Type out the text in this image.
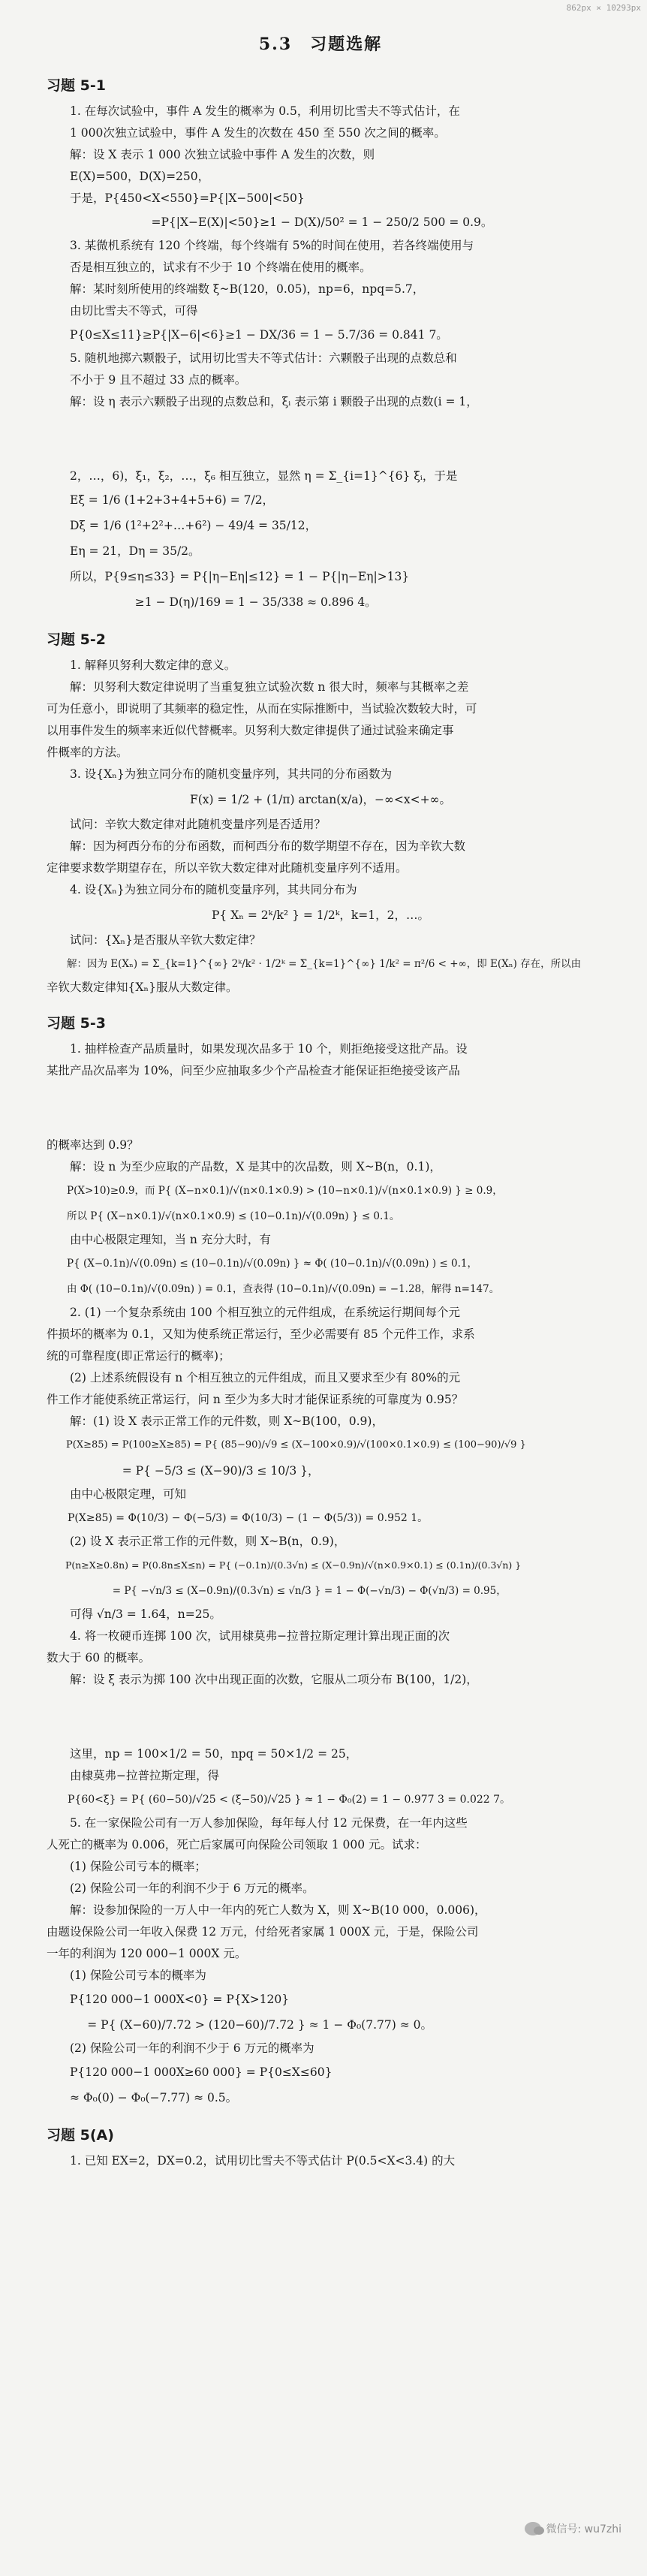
862px × 10293px
5.3　习题选解
习题 5-1

1. 在每次试验中，事件 A 发生的概率为 0.5，利用切比雪夫不等式估计，在

1 000次独立试验中，事件 A 发生的次数在 450 至 550 次之间的概率。

解：设 X 表示 1 000 次独立试验中事件 A 发生的次数，则

E(X)=500，D(X)=250，

于是，P{450<X<550}=P{|X−500|<50}

=P{|X−E(X)|<50}≥1 − D(X)/50² = 1 − 250/2 500 = 0.9。

3. 某微机系统有 120 个终端，每个终端有 5%的时间在使用，若各终端使用与

否是相互独立的，试求有不少于 10 个终端在使用的概率。

解：某时刻所使用的终端数 ξ~B(120，0.05)，np=6，npq=5.7，

由切比雪夫不等式，可得

P{0≤X≤11}≥P{|X−6|<6}≥1 − DX/36 = 1 − 5.7/36 = 0.841 7。

5. 随机地掷六颗骰子，试用切比雪夫不等式估计：六颗骰子出现的点数总和

不小于 9 且不超过 33 点的概率。

解：设 η 表示六颗骰子出现的点数总和，ξᵢ 表示第 i 颗骰子出现的点数(i = 1，

2，…，6)，ξ₁，ξ₂，…，ξ₆ 相互独立，显然 η = Σ_{i=1}^{6} ξᵢ，于是

Eξ = 1/6 (1+2+3+4+5+6) = 7/2，

Dξ = 1/6 (1²+2²+…+6²) − 49/4 = 35/12，

Eη = 21，Dη = 35/2。

所以，P{9≤η≤33} = P{|η−Eη|≤12} = 1 − P{|η−Eη|>13}

≥1 − D(η)/169 = 1 − 35/338 ≈ 0.896 4。

习题 5-2

1. 解释贝努利大数定律的意义。

解：贝努利大数定律说明了当重复独立试验次数 n 很大时，频率与其概率之差

可为任意小，即说明了其频率的稳定性，从而在实际推断中，当试验次数较大时，可

以用事件发生的频率来近似代替概率。贝努利大数定律提供了通过试验来确定事

件概率的方法。

3. 设{Xₙ}为独立同分布的随机变量序列，其共同的分布函数为

F(x) = 1/2 + (1/π) arctan(x/a)，−∞<x<+∞。

试问：辛钦大数定律对此随机变量序列是否适用？

解：因为柯西分布的分布函数，而柯西分布的数学期望不存在，因为辛钦大数

定律要求数学期望存在，所以辛钦大数定律对此随机变量序列不适用。

4. 设{Xₙ}为独立同分布的随机变量序列，其共同分布为

P{ Xₙ = 2ᵏ/k² } = 1/2ᵏ，k=1，2，…。

试问：{Xₙ}是否服从辛钦大数定律？

解：因为 E(Xₙ) = Σ_{k=1}^{∞} 2ᵏ/k² · 1/2ᵏ = Σ_{k=1}^{∞} 1/k² = π²/6 < +∞，即 E(Xₙ) 存在，所以由

辛钦大数定律知{Xₙ}服从大数定律。

习题 5-3

1. 抽样检查产品质量时，如果发现次品多于 10 个，则拒绝接受这批产品。设

某批产品次品率为 10%，问至少应抽取多少个产品检查才能保证拒绝接受该产品

的概率达到 0.9？

解：设 n 为至少应取的产品数，X 是其中的次品数，则 X~B(n，0.1)，

P(X>10)≥0.9，而 P{ (X−n×0.1)/√(n×0.1×0.9) > (10−n×0.1)/√(n×0.1×0.9) } ≥ 0.9，

所以 P{ (X−n×0.1)/√(n×0.1×0.9) ≤ (10−0.1n)/√(0.09n) } ≤ 0.1。

由中心极限定理知，当 n 充分大时，有

P{ (X−0.1n)/√(0.09n) ≤ (10−0.1n)/√(0.09n) } ≈ Φ( (10−0.1n)/√(0.09n) ) ≤ 0.1，

由 Φ( (10−0.1n)/√(0.09n) ) = 0.1，查表得 (10−0.1n)/√(0.09n) = −1.28，解得 n=147。

2. (1) 一个复杂系统由 100 个相互独立的元件组成，在系统运行期间每个元

件损坏的概率为 0.1，又知为使系统正常运行，至少必需要有 85 个元件工作，求系

统的可靠程度(即正常运行的概率)；

(2) 上述系统假设有 n 个相互独立的元件组成，而且又要求至少有 80%的元

件工作才能使系统正常运行，问 n 至少为多大时才能保证系统的可靠度为 0.95？

解：(1) 设 X 表示正常工作的元件数，则 X~B(100，0.9)，

P(X≥85) = P(100≥X≥85) = P{ (85−90)/√9 ≤ (X−100×0.9)/√(100×0.1×0.9) ≤ (100−90)/√9 }

= P{ −5/3 ≤ (X−90)/3 ≤ 10/3 }，

由中心极限定理，可知

P(X≥85) = Φ(10/3) − Φ(−5/3) = Φ(10/3) − (1 − Φ(5/3)) = 0.952 1。

(2) 设 X 表示正常工作的元件数，则 X~B(n，0.9)，

P(n≥X≥0.8n) = P(0.8n≤X≤n) = P{ (−0.1n)/(0.3√n) ≤ (X−0.9n)/√(n×0.9×0.1) ≤ (0.1n)/(0.3√n) }

= P{ −√n/3 ≤ (X−0.9n)/(0.3√n) ≤ √n/3 } = 1 − Φ(−√n/3) − Φ(√n/3) = 0.95，

可得 √n/3 = 1.64，n=25。

4. 将一枚硬币连掷 100 次，试用棣莫弗−拉普拉斯定理计算出现正面的次

数大于 60 的概率。

解：设 ξ 表示为掷 100 次中出现正面的次数，它服从二项分布 B(100，1/2)，

这里，np = 100×1/2 = 50，npq = 50×1/2 = 25，

由棣莫弗−拉普拉斯定理，得

P{60<ξ} = P{ (60−50)/√25 < (ξ−50)/√25 } ≈ 1 − Φ₀(2) = 1 − 0.977 3 = 0.022 7。

5. 在一家保险公司有一万人参加保险，每年每人付 12 元保费，在一年内这些

人死亡的概率为 0.006，死亡后家属可向保险公司领取 1 000 元。试求：

(1) 保险公司亏本的概率；

(2) 保险公司一年的利润不少于 6 万元的概率。

解：设参加保险的一万人中一年内的死亡人数为 X，则 X~B(10 000，0.006)，

由题设保险公司一年收入保费 12 万元，付给死者家属 1 000X 元，于是，保险公司

一年的利润为 120 000−1 000X 元。

(1) 保险公司亏本的概率为

P{120 000−1 000X<0} = P{X>120}

= P{ (X−60)/7.72 > (120−60)/7.72 } ≈ 1 − Φ₀(7.77) ≈ 0。

(2) 保险公司一年的利润不少于 6 万元的概率为

P{120 000−1 000X≥60 000} = P{0≤X≤60}

≈ Φ₀(0) − Φ₀(−7.77) ≈ 0.5。

习题 5(A)

1. 已知 EX=2，DX=0.2，试用切比雪夫不等式估计 P(0.5<X<3.4) 的大

微信号: wu7zhi
